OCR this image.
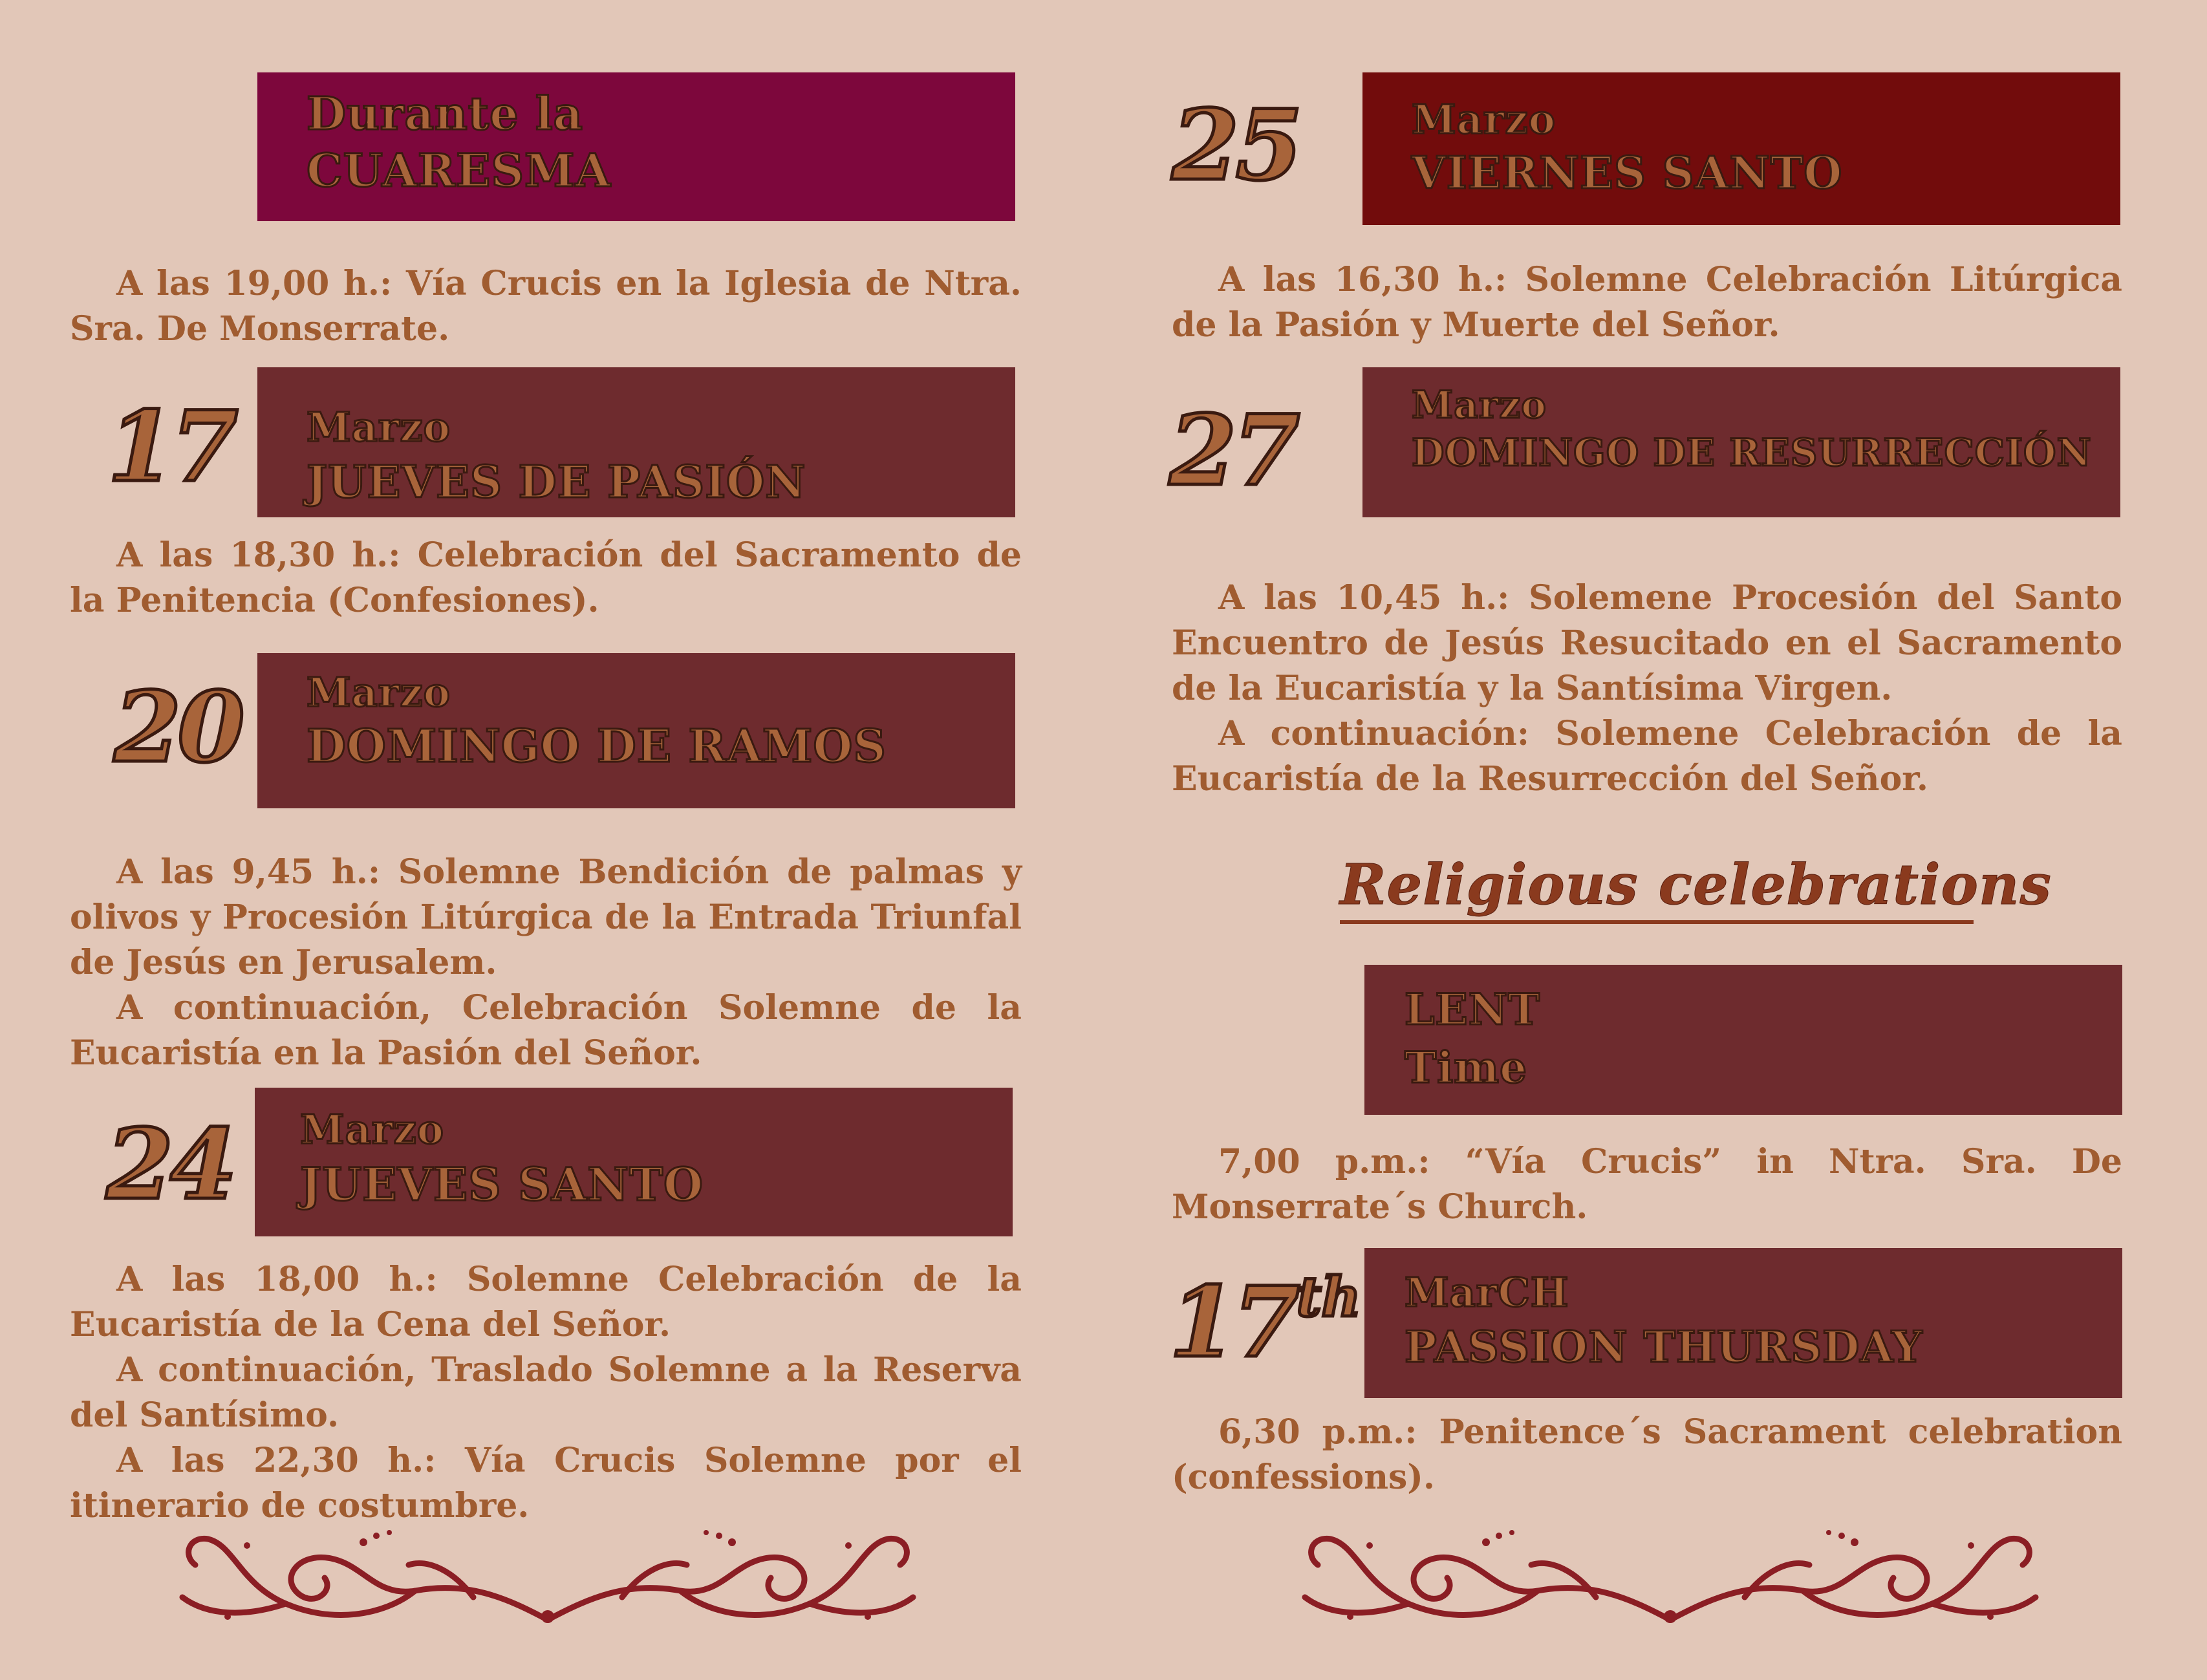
Durante la
CUARESMA

A las 19,00 h.: Vía Crucis en la Iglesia de Ntra. Sra. De Monserrate.

17 Marzo
JUEVES DE PASIÓN

A las 18,30 h.: Celebración del Sacramento de la Penitencia (Confesiones).

20 Marzo
DOMINGO DE RAMOS

A las 9,45 h.: Solemne Bendición de palmas y olivos y Procesión Litúrgica de la Entrada Triunfal de Jesús en Jerusalem.

A continuación, Celebración Solemne de la Eucaristía en la Pasión del Señor.

24 Marzo
JUEVES SANTO

A las 18,00 h.: Solemne Celebración de la Eucaristía de la Cena del Señor.

A continuación, Traslado Solemne a la Reserva del Santísimo.

A las 22,30 h.: Vía Crucis Solemne por el itinerario de costumbre.

25	Marzo
VIERNES SANTO

A las 16,30 h.: Solemne Celebración Litúrgica de la Pasión y Muerte del Señor.

27	Marzo
DOMINGO DE RESURRECCIÓN

A las 10,45 h.: Solemene Procesión del Santo Encuentro de Jesús Resucitado en el Sacramento de la Eucaristía y la Santísima Virgen.

A continuación: Solemene Celebración de la Eucaristía de la Resurrección del Señor.

Religious celebrations
LENT
Time

7,00 p.m.: “Vía Crucis” in Ntra. Sra. De Monserrate´s Church.

17th MarCH
PASSION THURSDAY

6,30 p.m.: Penitence´s Sacrament celebration (confessions).
